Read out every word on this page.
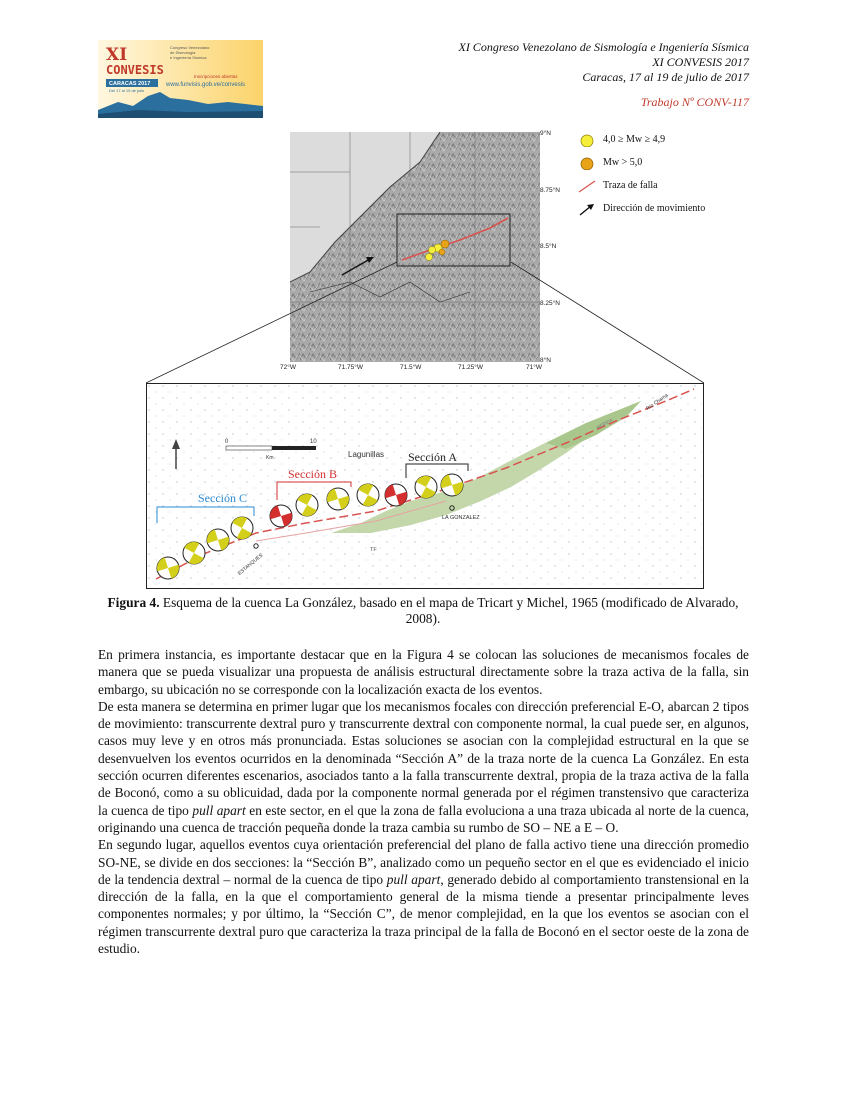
XI
CONVESIS
Congreso Venezolano
de Sismología
e Ingeniería Sísmica
CARACAS 2017
Del 17 al 19 de julio
Inscripciones abiertas
www.funvisis.gob.ve/convesis
XI Congreso Venezolano de Sismología e Ingeniería Sísmica
XI CONVESIS 2017
Caracas, 17 al 19 de julio de 2017
Trabajo Nº CONV-117
9°N
8.75°N
8.5°N
8.25°N
8°N
72°W	71.75°W	71.5°W	71.25°W	71°W
4,0 ≥ Mw ≥ 4,9
Mw > 5,0
Traza de falla
Dirección de movimiento
0	10
Km	Lagunillas
LA GONZALEZ
ESTANQUES
Río Chama
MERIDA
TF
Sección A
Sección B
Sección C
Figura 4. Esquema de la cuenca La González, basado en el mapa de Tricart y Michel, 1965 (modificado de Alvarado, 2008).

En primera instancia, es importante destacar que en la Figura 4 se colocan las soluciones de mecanismos focales de manera que se pueda visualizar una propuesta de análisis estructural directamente sobre la traza activa de la falla, sin embargo, su ubicación no se corresponde con la localización exacta de los eventos.

De esta manera se determina en primer lugar que los mecanismos focales con dirección preferencial E-O, abarcan 2 tipos de movimiento: transcurrente dextral puro y transcurrente dextral con componente normal, la cual puede ser, en algunos, casos muy leve y en otros más pronunciada. Estas soluciones se asocian con la complejidad estructural en la que se desenvuelven los eventos ocurridos en la denominada “Sección A” de la traza norte de la cuenca La González. En esta sección ocurren diferentes escenarios, asociados tanto a la falla transcurrente dextral, propia de la traza activa de la falla de Boconó, como a su oblicuidad, dada por la componente normal generada por el régimen transtensivo que caracteriza la cuenca de tipo pull apart en este sector, en el que la zona de falla evoluciona a una traza ubicada al norte de la cuenca, originando una cuenca de tracción pequeña donde la traza cambia su rumbo de SO – NE a E – O.

En segundo lugar, aquellos eventos cuya orientación preferencial del plano de falla activo tiene una dirección promedio SO-NE, se divide en dos secciones: la “Sección B”, analizado como un pequeño sector en el que es evidenciado el inicio de la tendencia dextral – normal de la cuenca de tipo pull apart, generado debido al comportamiento transtensional en la dirección de la falla, en la que el comportamiento general de la misma tiende a presentar principalmente leves componentes normales; y por último, la “Sección C”, de menor complejidad, en la que los eventos se asocian con el régimen transcurrente dextral puro que caracteriza la traza principal de la falla de Boconó en el sector oeste de la zona de estudio.
